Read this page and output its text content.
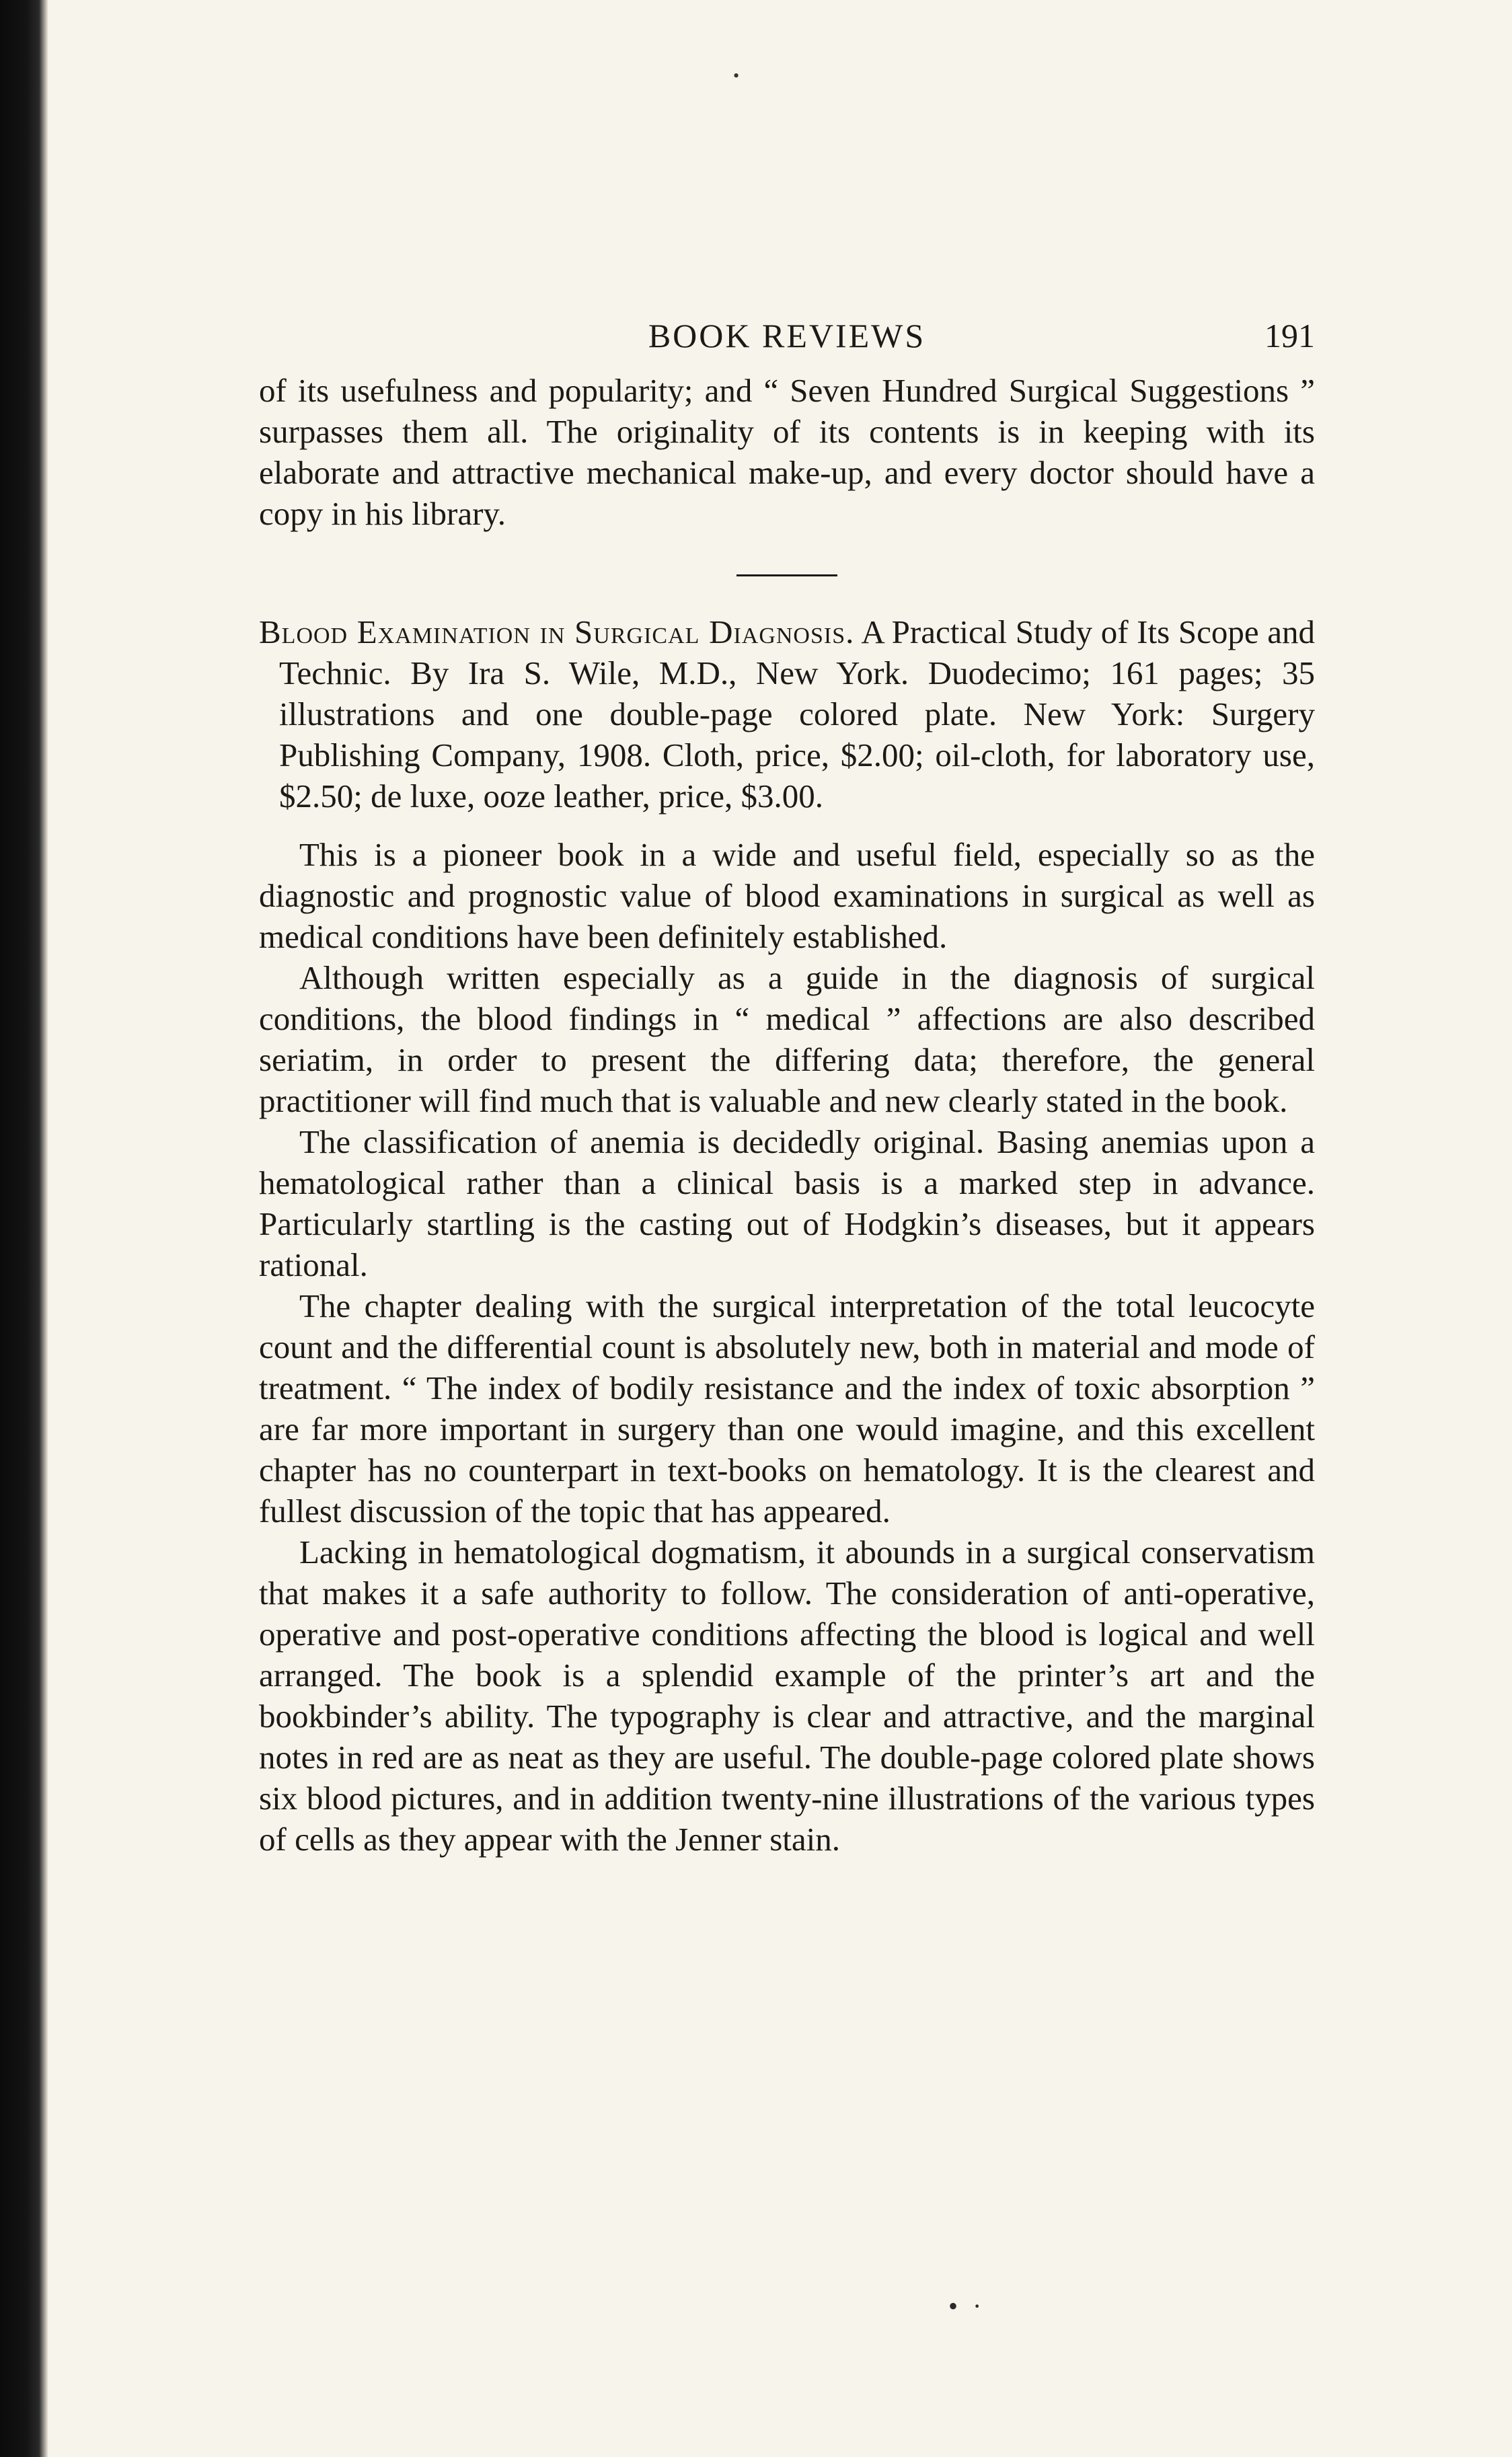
•
BOOK REVIEWS	191

of its usefulness and popularity; and “ Seven Hundred Surgical Suggestions ” surpasses them all. The originality of its contents is in keeping with its elaborate and attractive mechanical make-up, and every doctor should have a copy in his library.

Blood Examination in Surgical Diagnosis. A Practical Study of Its Scope and Technic. By Ira S. Wile, M.D., New York. Duodecimo; 161 pages; 35 illustrations and one double-page colored plate. New York: Surgery Publishing Company, 1908. Cloth, price, $2.00; oil-cloth, for laboratory use, $2.50; de luxe, ooze leather, price, $3.00.

This is a pioneer book in a wide and useful field, especially so as the diagnostic and prognostic value of blood examinations in surgical as well as medical conditions have been definitely established.

Although written especially as a guide in the diagnosis of surgical conditions, the blood findings in “ medical ” affections are also described seriatim, in order to present the differing data; therefore, the general practitioner will find much that is valuable and new clearly stated in the book.

The classification of anemia is decidedly original. Basing anemias upon a hematological rather than a clinical basis is a marked step in advance. Particularly startling is the casting out of Hodgkin’s diseases, but it appears rational.

The chapter dealing with the surgical interpretation of the total leucocyte count and the differential count is absolutely new, both in material and mode of treatment. “ The index of bodily resistance and the index of toxic absorption ” are far more important in surgery than one would imagine, and this excellent chapter has no counterpart in text-books on hematology. It is the clearest and fullest discussion of the topic that has appeared.

Lacking in hematological dogmatism, it abounds in a surgical conservatism that makes it a safe authority to follow. The consideration of anti-operative, operative and post-operative conditions affecting the blood is logical and well arranged. The book is a splendid example of the printer’s art and the bookbinder’s ability. The typography is clear and attractive, and the marginal notes in red are as neat as they are useful. The double-page colored plate shows six blood pictures, and in addition twenty-nine illustrations of the various types of cells as they appear with the Jenner stain.

•·
